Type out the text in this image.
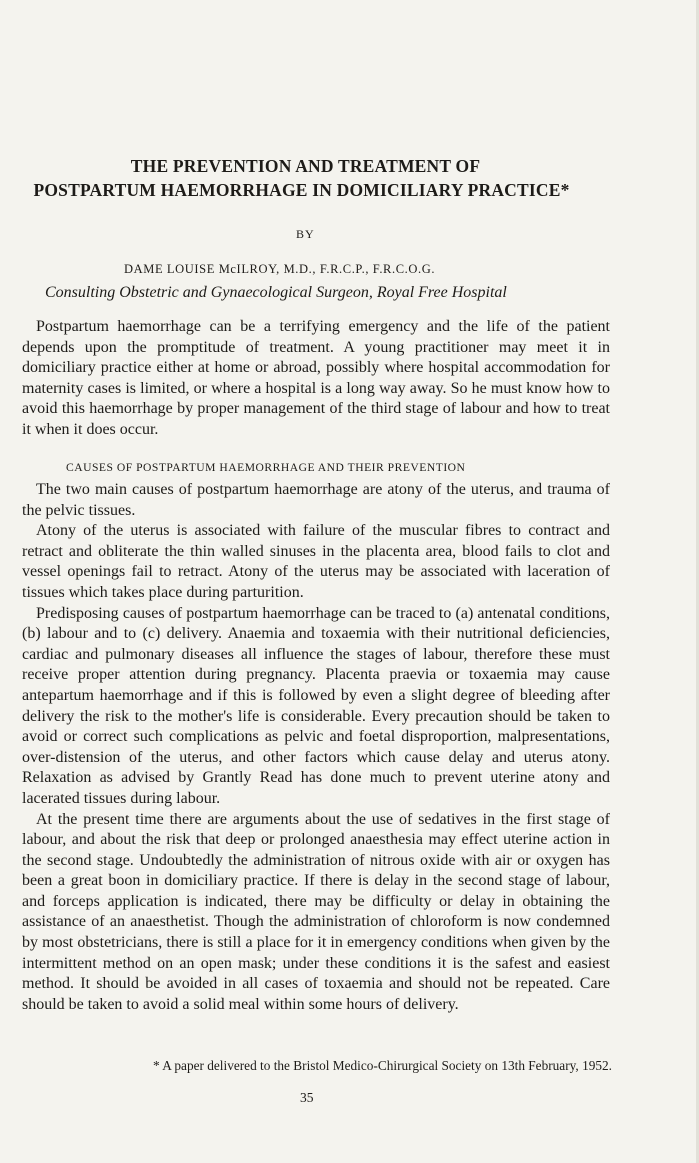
THE PREVENTION AND TREATMENT OF
POSTPARTUM HAEMORRHAGE IN DOMICILIARY PRACTICE*
BY
DAME LOUISE McILROY, M.D., F.R.C.P., F.R.C.O.G.
Consulting Obstetric and Gynaecological Surgeon, Royal Free Hospital

Postpartum haemorrhage can be a terrifying emergency and the life of the patient depends upon the promptitude of treatment. A young practitioner may meet it in domiciliary practice either at home or abroad, possibly where hospital accommodation for maternity cases is limited, or where a hospital is a long way away. So he must know how to avoid this haemorrhage by proper management of the third stage of labour and how to treat it when it does occur.

CAUSES OF POSTPARTUM HAEMORRHAGE AND THEIR PREVENTION

The two main causes of postpartum haemorrhage are atony of the uterus, and trauma of the pelvic tissues.

Atony of the uterus is associated with failure of the muscular fibres to contract and retract and obliterate the thin walled sinuses in the placenta area, blood fails to clot and vessel openings fail to retract. Atony of the uterus may be associated with laceration of tissues which takes place during parturition.

Predisposing causes of postpartum haemorrhage can be traced to (a) antenatal conditions, (b) labour and to (c) delivery. Anaemia and toxaemia with their nutritional deficiencies, cardiac and pulmonary diseases all influence the stages of labour, therefore these must receive proper attention during pregnancy. Placenta praevia or toxaemia may cause antepartum haemorrhage and if this is followed by even a slight degree of bleeding after delivery the risk to the mother's life is considerable. Every precaution should be taken to avoid or correct such complications as pelvic and foetal disproportion, malpresentations, over-distension of the uterus, and other factors which cause delay and uterus atony. Relaxation as advised by Grantly Read has done much to prevent uterine atony and lacerated tissues during labour.

At the present time there are arguments about the use of sedatives in the first stage of labour, and about the risk that deep or prolonged anaesthesia may effect uterine action in the second stage. Undoubtedly the administration of nitrous oxide with air or oxygen has been a great boon in domiciliary practice. If there is delay in the second stage of labour, and forceps application is indicated, there may be difficulty or delay in obtaining the assistance of an anaesthetist. Though the administration of chloroform is now condemned by most obstetricians, there is still a place for it in emergency conditions when given by the intermittent method on an open mask; under these conditions it is the safest and easiest method. It should be avoided in all cases of toxaemia and should not be repeated. Care should be taken to avoid a solid meal within some hours of delivery.

* A paper delivered to the Bristol Medico-Chirurgical Society on 13th February, 1952.
35
